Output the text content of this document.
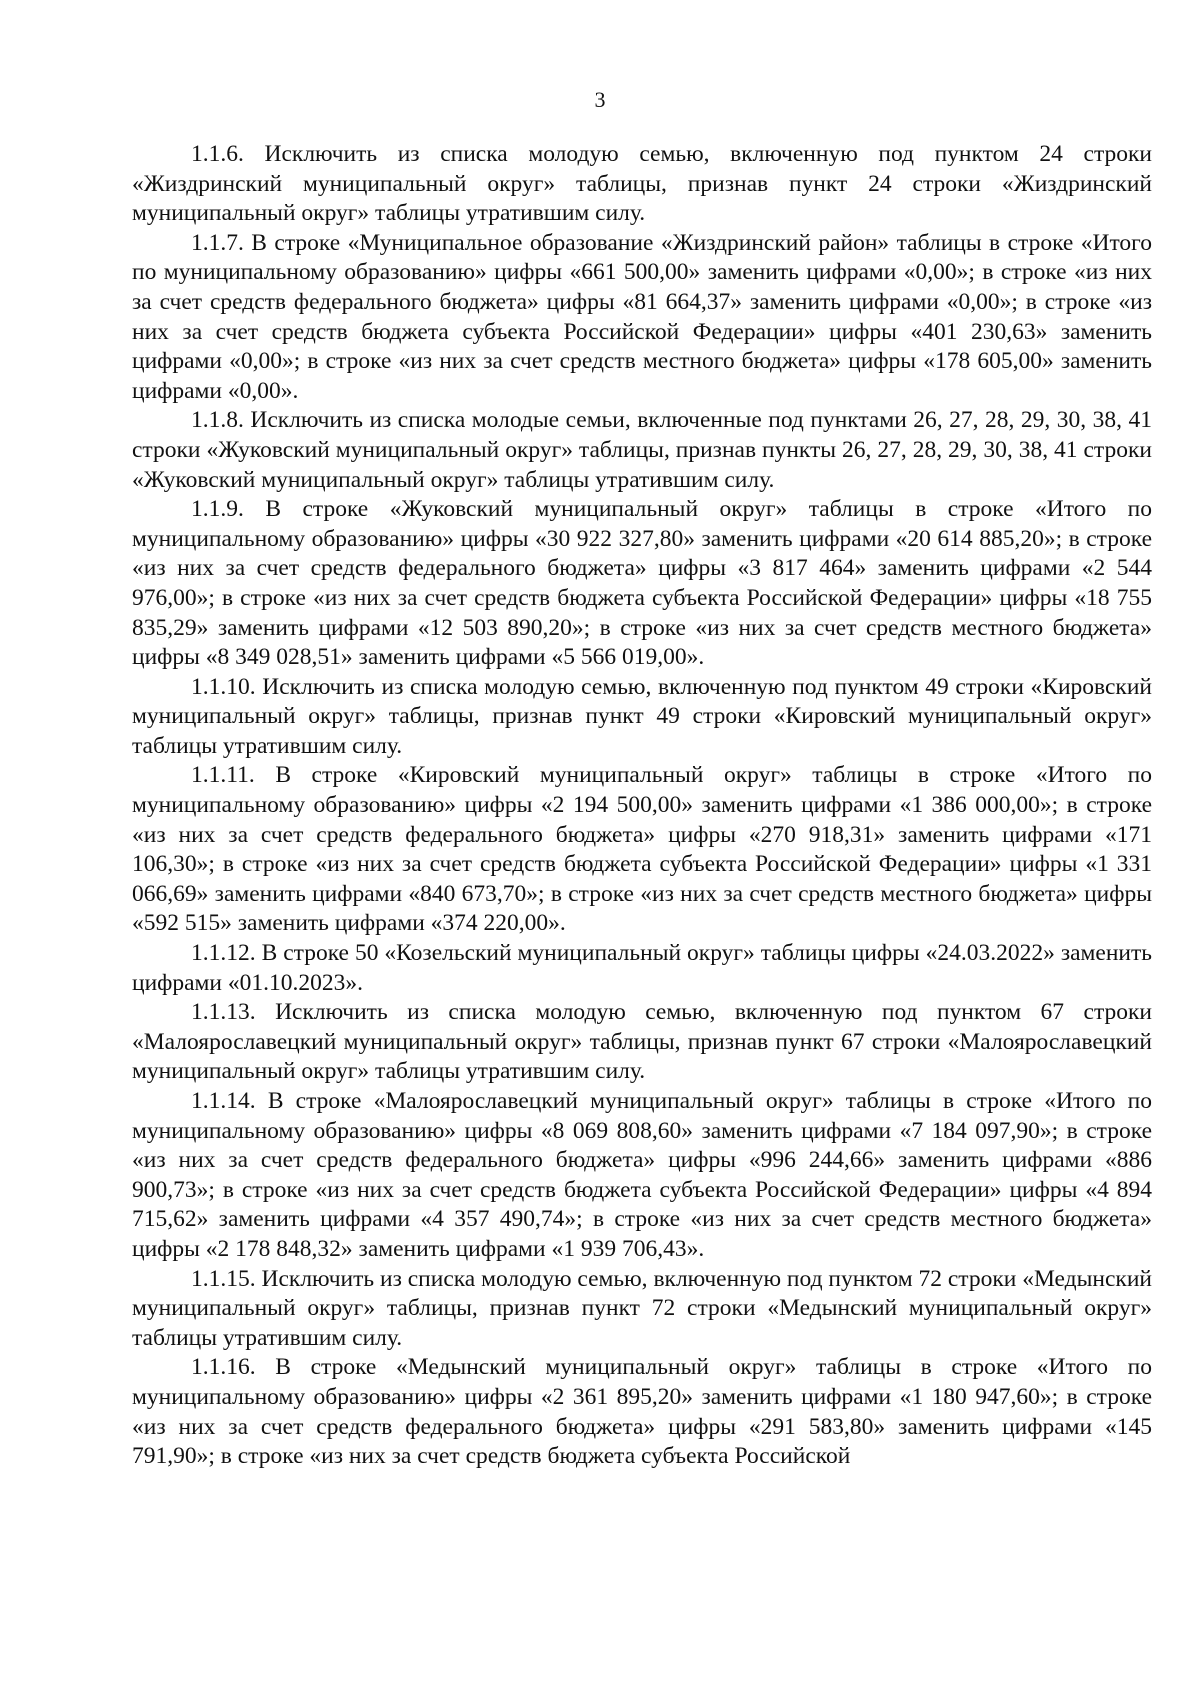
3

1.1.6. Исключить из списка молодую семью, включенную под пунктом 24 строки «Жиздринский муниципальный округ» таблицы, признав пункт 24 строки «Жиздринский муниципальный округ» таблицы утратившим силу.

1.1.7. В строке «Муниципальное образование «Жиздринский район» таблицы в строке «Итого по муниципальному образованию» цифры «661 500,00» заменить цифрами «0,00»; в строке «из них за счет средств федерального бюджета» цифры «81 664,37» заменить цифрами «0,00»; в строке «из них за счет средств бюджета субъекта Российской Федерации» цифры «401 230,63» заменить цифрами «0,00»; в строке «из них за счет средств местного бюджета» цифры «178 605,00» заменить цифрами «0,00».

1.1.8. Исключить из списка молодые семьи, включенные под пунктами 26, 27, 28, 29, 30, 38, 41 строки «Жуковский муниципальный округ» таблицы, признав пункты 26, 27, 28, 29, 30, 38, 41 строки «Жуковский муниципальный округ» таблицы утратившим силу.

1.1.9. В строке «Жуковский муниципальный округ» таблицы в строке «Итого по муниципальному образованию» цифры «30 922 327,80» заменить цифрами «20 614 885,20»; в строке «из них за счет средств федерального бюджета» цифры «3 817 464» заменить цифрами «2 544 976,00»; в строке «из них за счет средств бюджета субъекта Российской Федерации» цифры «18 755 835,29» заменить цифрами «12 503 890,20»; в строке «из них за счет средств местного бюджета» цифры «8 349 028,51» заменить цифрами «5 566 019,00».

1.1.10. Исключить из списка молодую семью, включенную под пунктом 49 строки «Кировский муниципальный округ» таблицы, признав пункт 49 строки «Кировский муниципальный округ» таблицы утратившим силу.

1.1.11. В строке «Кировский муниципальный округ» таблицы в строке «Итого по муниципальному образованию» цифры «2 194 500,00» заменить цифрами «1 386 000,00»; в строке «из них за счет средств федерального бюджета» цифры «270 918,31» заменить цифрами «171 106,30»; в строке «из них за счет средств бюджета субъекта Российской Федерации» цифры «1 331 066,69» заменить цифрами «840 673,70»; в строке «из них за счет средств местного бюджета» цифры «592 515» заменить цифрами «374 220,00».

1.1.12. В строке 50 «Козельский муниципальный округ» таблицы цифры «24.03.2022» заменить цифрами «01.10.2023».

1.1.13. Исключить из списка молодую семью, включенную под пунктом 67 строки «Малоярославецкий муниципальный округ» таблицы, признав пункт 67 строки «Малоярославецкий муниципальный округ» таблицы утратившим силу.

1.1.14. В строке «Малоярославецкий муниципальный округ» таблицы в строке «Итого по муниципальному образованию» цифры «8 069 808,60» заменить цифрами «7 184 097,90»; в строке «из них за счет средств федерального бюджета» цифры «996 244,66» заменить цифрами «886 900,73»; в строке «из них за счет средств бюджета субъекта Российской Федерации» цифры «4 894 715,62» заменить цифрами «4 357 490,74»; в строке «из них за счет средств местного бюджета» цифры «2 178 848,32» заменить цифрами «1 939 706,43».

1.1.15. Исключить из списка молодую семью, включенную под пунктом 72 строки «Медынский муниципальный округ» таблицы, признав пункт 72 строки «Медынский муниципальный округ» таблицы утратившим силу.

1.1.16. В строке «Медынский муниципальный округ» таблицы в строке «Итого по муниципальному образованию» цифры «2 361 895,20» заменить цифрами «1 180 947,60»; в строке «из них за счет средств федерального бюджета» цифры «291 583,80» заменить цифрами «145 791,90»; в строке «из них за счет средств бюджета субъекта Российской
